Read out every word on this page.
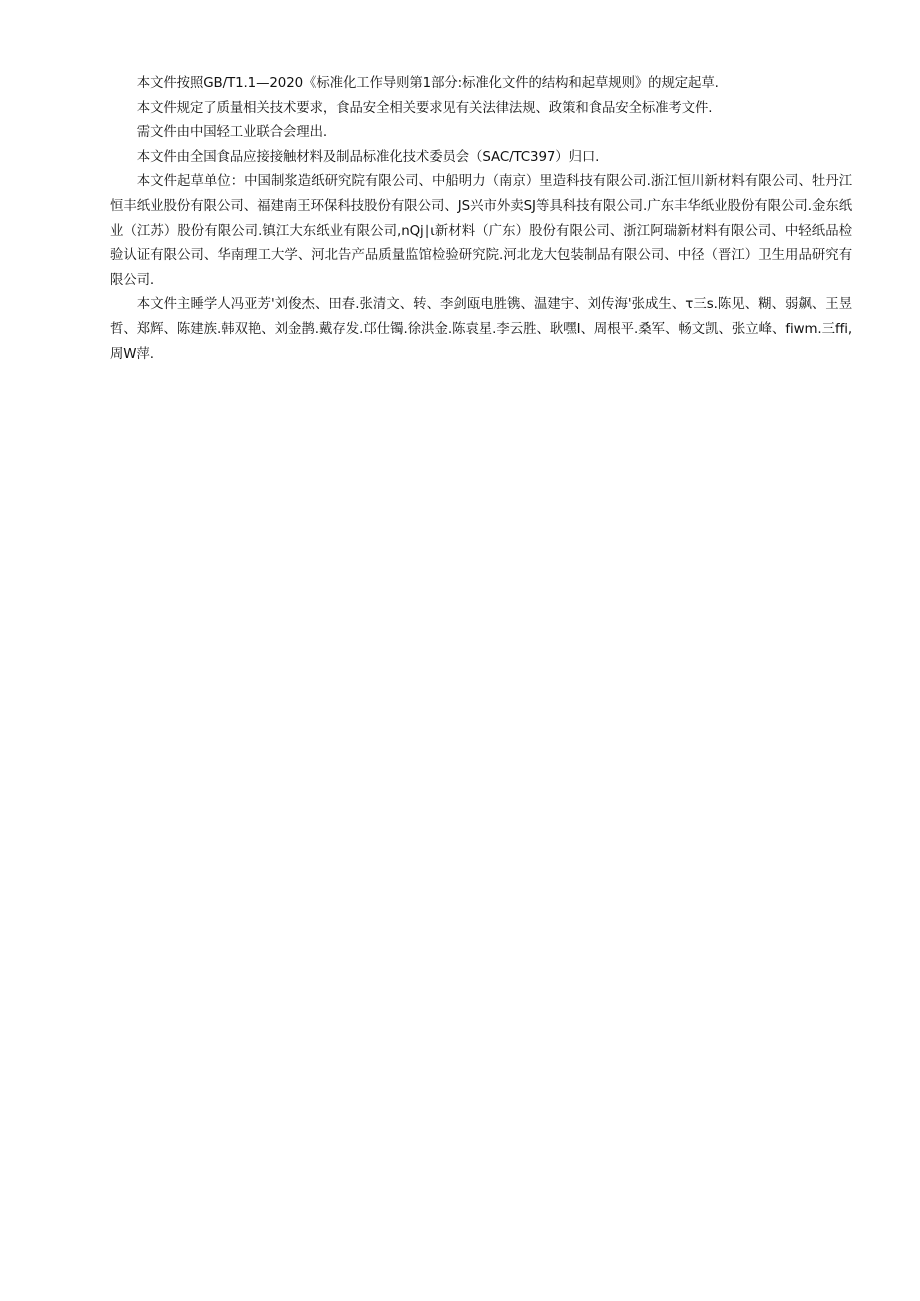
本文件按照GB/T1.1—2020《标准化工作导则第1部分:标准化文件的结构和起草规则》的规定起草.

本文件规定了质量相关技术要求，食品安全相关要求见有关法律法规、政策和食品安全标准考文件.

需文件由中国轻工业联合会理出.

本文件由全国食品应接接触材料及制品标准化技术委员会（SAC/TC397）归口.

本文件起草单位：中国制浆造纸研究院有限公司、中船明力（南京）里造科技有限公司.浙江恒川新材料有限公司、牡丹江恒丰纸业股份有限公司、福建南王环保科技股份有限公司、JS兴市外卖SJ等具科技有限公司.广东丰华纸业股份有限公司.金东纸业（江苏）股份有限公司.镇江大东纸业有限公司,nQj∣ι新材料（广东）股份有限公司、浙江阿瑞新材料有限公司、中轻纸品检验认证有限公司、华南理工大学、河北告产品质量监馆检验研究院.河北龙大包装制品有限公司、中径（晋江）卫生用品研究有限公司.

本文件主睡学人冯亚芳'刘俊杰、田春.张清文、转、李剑瓯电胜镌、温建宇、刘传海'张成生、τ三s.陈见、糊、弱飙、王昱哲、郑辉、陈建族.韩双艳、刘金鹊.戴存发.邙仕镯.徐洪金.陈袁星.李云胜、耿嘿I、周根平.桑军、畅文凯、张立峰、fiwm.三ffi,周W萍.
